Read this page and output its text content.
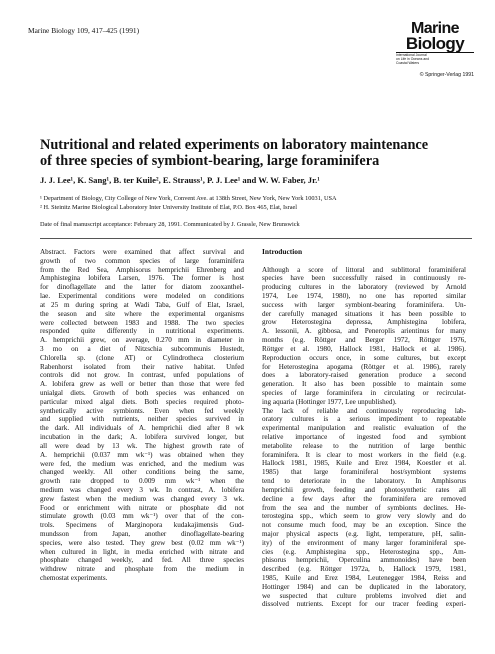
Marine Biology 109, 417–425 (1991)	Marine
Biology
International Journal on Life in Oceans and Coastal Waters
© Springer-Verlag 1991
Nutritional and related experiments on laboratory maintenance
of three species of symbiont-bearing, large foraminifera
J. J. Lee¹, K. Sang¹, B. ter Kuile², E. Strauss¹, P. J. Lee¹ and W. W. Faber, Jr.¹
¹ Department of Biology, City College of New York, Convent Ave. at 138th Street, New York, New York 10031, USA
² H. Steinitz Marine Biological Laboratory Inter University Institute of Elat, P.O. Box 465, Elat, Israel
Date of final manuscript acceptance: February 28, 1991. Communicated by J. Grassle, New Brunswick
Abstract. Factors were examined that affect survival and
growth of two common species of large foraminifera
from the Red Sea, Amphisorus hemprichii Ehrenberg and
Amphistegina lobifera Larsen, 1976. The former is host
for dinoflagellate and the latter for diatom zooxanthel-
lae. Experimental conditions were modeled on conditions
at 25 m during spring at Wadi Taba, Gulf of Elat, Israel,
the season and site where the experimental organisms
were collected between 1983 and 1988. The two species
responded quite differently in nutritional experiments.
A. hemprichii grew, on average, 0.270 mm in diameter in
3 mo on a diet of Nitzschia subcommunis Hustedt,
Chlorella sp. (clone AT) or Cylindrotheca closterium
Rabenhorst isolated from their native habitat. Unfed
controls did not grow. In contrast, unfed populations of
A. lobifera grew as well or better than those that were fed
unialgal diets. Growth of both species was enhanced on
particular mixed algal diets. Both species required photo-
synthetically active symbionts. Even when fed weekly
and supplied with nutrients, neither species survived in
the dark. All individuals of A. hemprichii died after 8 wk
incubation in the dark; A. lobifera survived longer, but
all were dead by 13 wk. The highest growth rate of
A. hemprichii (0.037 mm wk⁻¹) was obtained when they
were fed, the medium was enriched, and the medium was
changed weekly. All other conditions being the same,
growth rate dropped to 0.009 mm wk⁻¹ when the
medium was changed every 3 wk. In contrast, A. lobifera
grew fastest when the medium was changed every 3 wk.
Food or enrichment with nitrate or phosphate did not
stimulate growth (0.03 mm wk⁻¹) over that of the con-
trols. Specimens of Marginopora kudakajimensis Gud-
mundsson from Japan, another dinoflagellate-bearing
species, were also tested. They grew best (0.02 mm wk⁻¹)
when cultured in light, in media enriched with nitrate and
phosphate changed weekly, and fed. All three species
withdrew nitrate and phosphate from the medium in
chemostat experiments.
Introduction
Although a score of littoral and sublittoral foraminiferal
species have been successfully raised in continuously re-
producing cultures in the laboratory (reviewed by Arnold
1974, Lee 1974, 1980), no one has reported similar
success with larger symbiont-bearing foraminifera. Un-
der carefully managed situations it has been possible to
grow Heterostegina depressa, Amphistegina lobifera,
A. lessonii, A. gibbosa, and Peneroplis arientinus for many
months (e.g. Röttger and Berger 1972, Röttger 1976,
Röttger et al. 1980, Hallock 1981, Hallock et al. 1986).
Reproduction occurs once, in some cultures, but except
for Heterostegina apogama (Röttger et al. 1986), rarely
does a laboratory-raised generation produce a second
generation. It also has been possible to maintain some
species of large foraminifera in circulating or recirculat-
ing aquaria (Hottinger 1977, Lee unpublished).
The lack of reliable and continuously reproducing lab-
oratory cultures is a serious impediment to repeatable
experimental manipulation and realistic evaluation of the
relative importance of ingested food and symbiont
metabolite release to the nutrition of large benthic
foraminifera. It is clear to most workers in the field (e.g.
Hallock 1981, 1985, Kuile and Erez 1984, Koestler et al.
1985) that large foraminiferal host/symbiont systems
tend to deteriorate in the laboratory. In Amphisorus
hemprichii growth, feeding and photosynthetic rates all
decline a few days after the foraminifera are removed
from the sea and the number of symbionts declines. He-
terostegina spp., which seem to grow very slowly and do
not consume much food, may be an exception. Since the
major physical aspects (e.g. light, temperature, pH, salin-
ity) of the environment of many larger foraminiferal spe-
cies (e.g. Amphistegina spp., Heterostegina spp., Am-
phisorus hemprichii, Operculina ammonoides) have been
described (e.g. Röttger 1972a, b, Hallock 1979, 1981,
1985, Kuile and Erez 1984, Leutenegger 1984, Reiss and
Hottinger 1984) and can be duplicated in the laboratory,
we suspected that culture problems involved diet and
dissolved nutrients. Except for our tracer feeding experi-
